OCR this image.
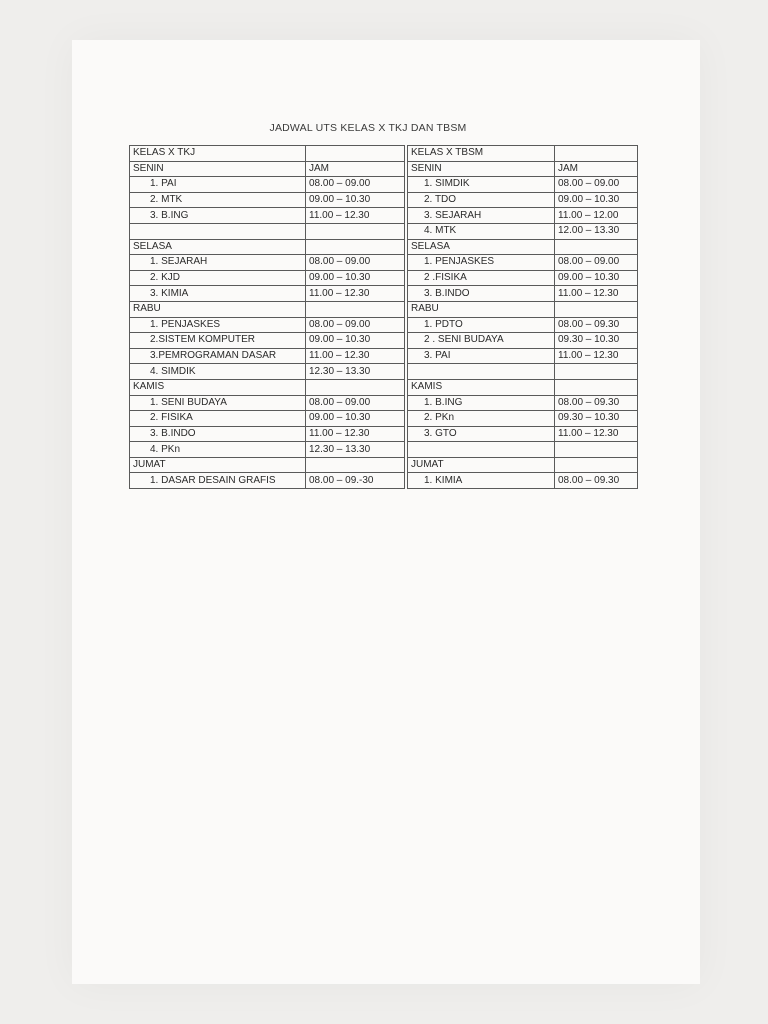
JADWAL UTS KELAS X TKJ DAN TBSM
KELAS X TKJ	
SENIN	JAM
1. PAI	08.00 – 09.00
2. MTK	09.00 – 10.30
3. B.ING	11.00 – 12.30

SELASA	
1. SEJARAH	08.00 – 09.00
2. KJD	09.00 – 10.30
3. KIMIA	11.00 – 12.30
RABU	
1. PENJASKES	08.00 – 09.00
2.SISTEM KOMPUTER	09.00 – 10.30
3.PEMROGRAMAN DASAR	11.00 – 12.30
4. SIMDIK	12.30 – 13.30
KAMIS	
1. SENI BUDAYA	08.00 – 09.00
2. FISIKA	09.00 – 10.30
3. B.INDO	11.00 – 12.30
4. PKn	12.30 – 13.30
JUMAT	
1. DASAR DESAIN GRAFIS	08.00 – 09.-30
KELAS X TBSM	
SENIN	JAM
1. SIMDIK	08.00 – 09.00
2. TDO	09.00 – 10.30
3. SEJARAH	11.00 – 12.00
4. MTK	12.00 – 13.30
SELASA	
1. PENJASKES	08.00 – 09.00
2 .FISIKA	09.00 – 10.30
3. B.INDO	11.00 – 12.30
RABU	
1. PDTO	08.00 – 09.30
2 . SENI BUDAYA	09.30 – 10.30
3. PAI	11.00 – 12.30

KAMIS	
1. B.ING	08.00 – 09.30
2. PKn	09.30 – 10.30
3. GTO	11.00 – 12.30

JUMAT	
1. KIMIA	08.00 – 09.30
